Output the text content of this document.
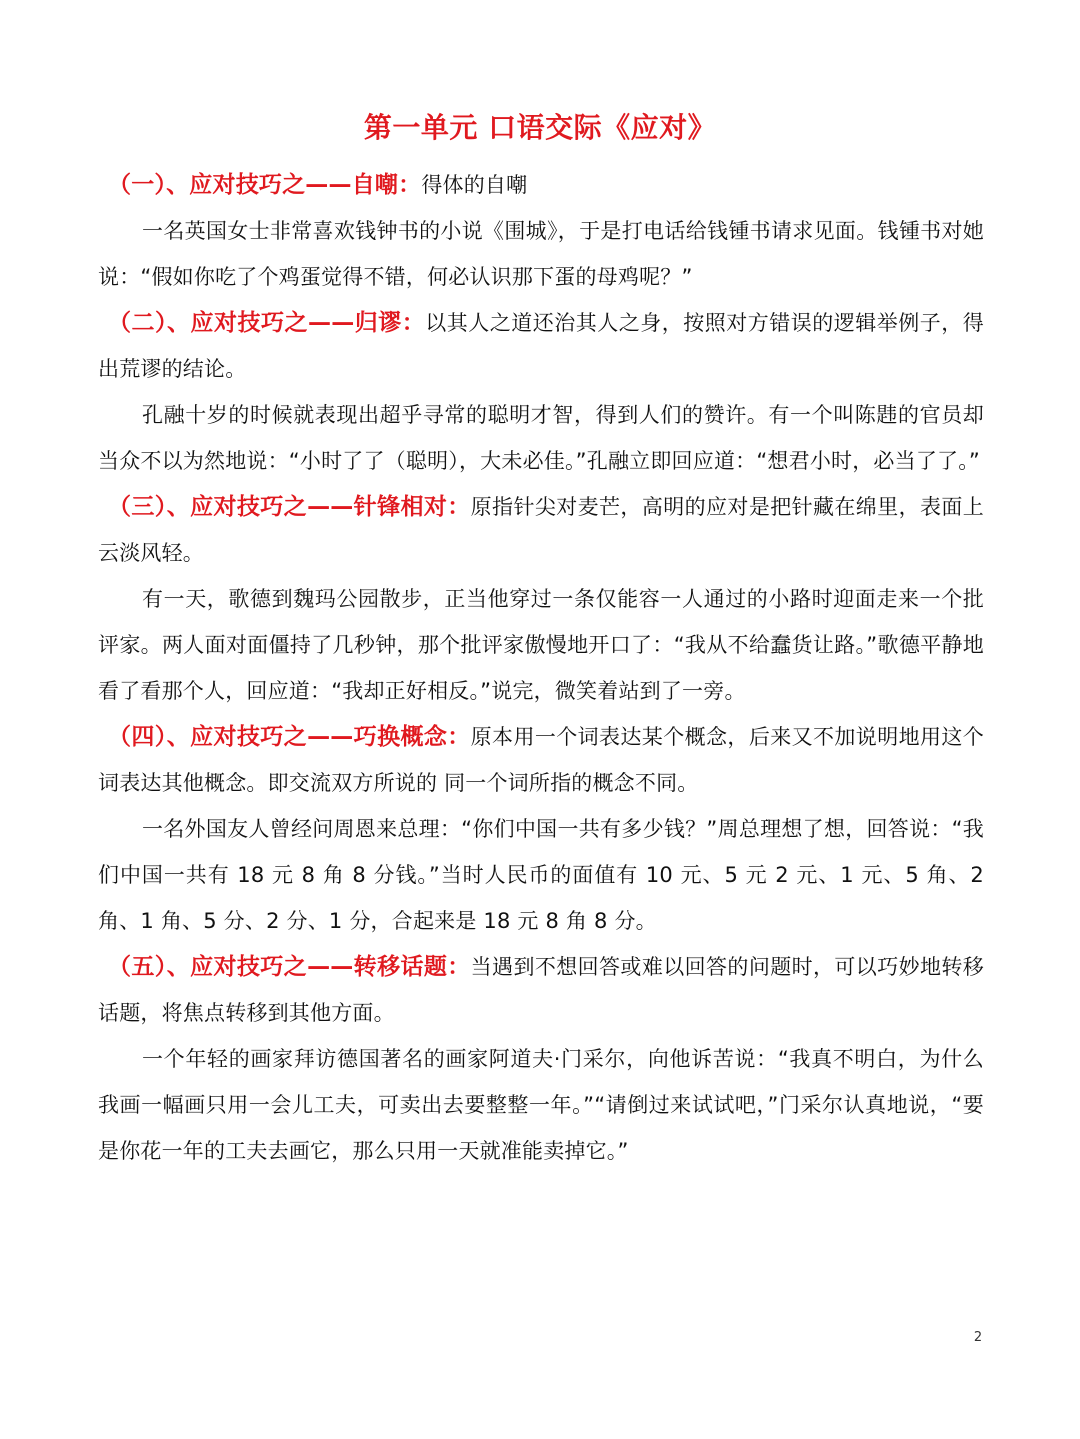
第一单元 口语交际《应对》

（一）、应对技巧之——自嘲：得体的自嘲

一名英国女士非常喜欢钱钟书的小说《围城》，于是打电话给钱锺书请求见面。钱锺书对她说：“假如你吃了个鸡蛋觉得不错，何必认识那下蛋的母鸡呢？”

（二）、应对技巧之——归谬：以其人之道还治其人之身，按照对方错误的逻辑举例子，得出荒谬的结论。

孔融十岁的时候就表现出超乎寻常的聪明才智，得到人们的赞许。有一个叫陈韪的官员却当众不以为然地说：“小时了了（聪明），大未必佳。”孔融立即回应道：“想君小时，必当了了。”

（三）、应对技巧之——针锋相对：原指针尖对麦芒，高明的应对是把针藏在绵里，表面上云淡风轻。

有一天，歌德到魏玛公园散步，正当他穿过一条仅能容一人通过的小路时迎面走来一个批评家。两人面对面僵持了几秒钟，那个批评家傲慢地开口了：“我从不给蠢货让路。”歌德平静地看了看那个人，回应道：“我却正好相反。”说完，微笑着站到了一旁。

（四）、应对技巧之——巧换概念：原本用一个词表达某个概念，后来又不加说明地用这个词表达其他概念。即交流双方所说的 同一个词所指的概念不同。

一名外国友人曾经问周恩来总理：“你们中国一共有多少钱？”周总理想了想，回答说：“我们中国一共有 18 元 8 角 8 分钱。”当时人民币的面值有 10 元、5 元 2 元、1 元、5 角、2 角、1 角、5 分、2 分、1 分，合起来是 18 元 8 角 8 分。

（五）、应对技巧之——转移话题：当遇到不想回答或难以回答的问题时，可以巧妙地转移话题，将焦点转移到其他方面。

一个年轻的画家拜访德国著名的画家阿道夫·门采尔，向他诉苦说：“我真不明白，为什么我画一幅画只用一会儿工夫，可卖出去要整整一年。”“请倒过来试试吧，”门采尔认真地说，“要是你花一年的工夫去画它，那么只用一天就准能卖掉它。”

2
